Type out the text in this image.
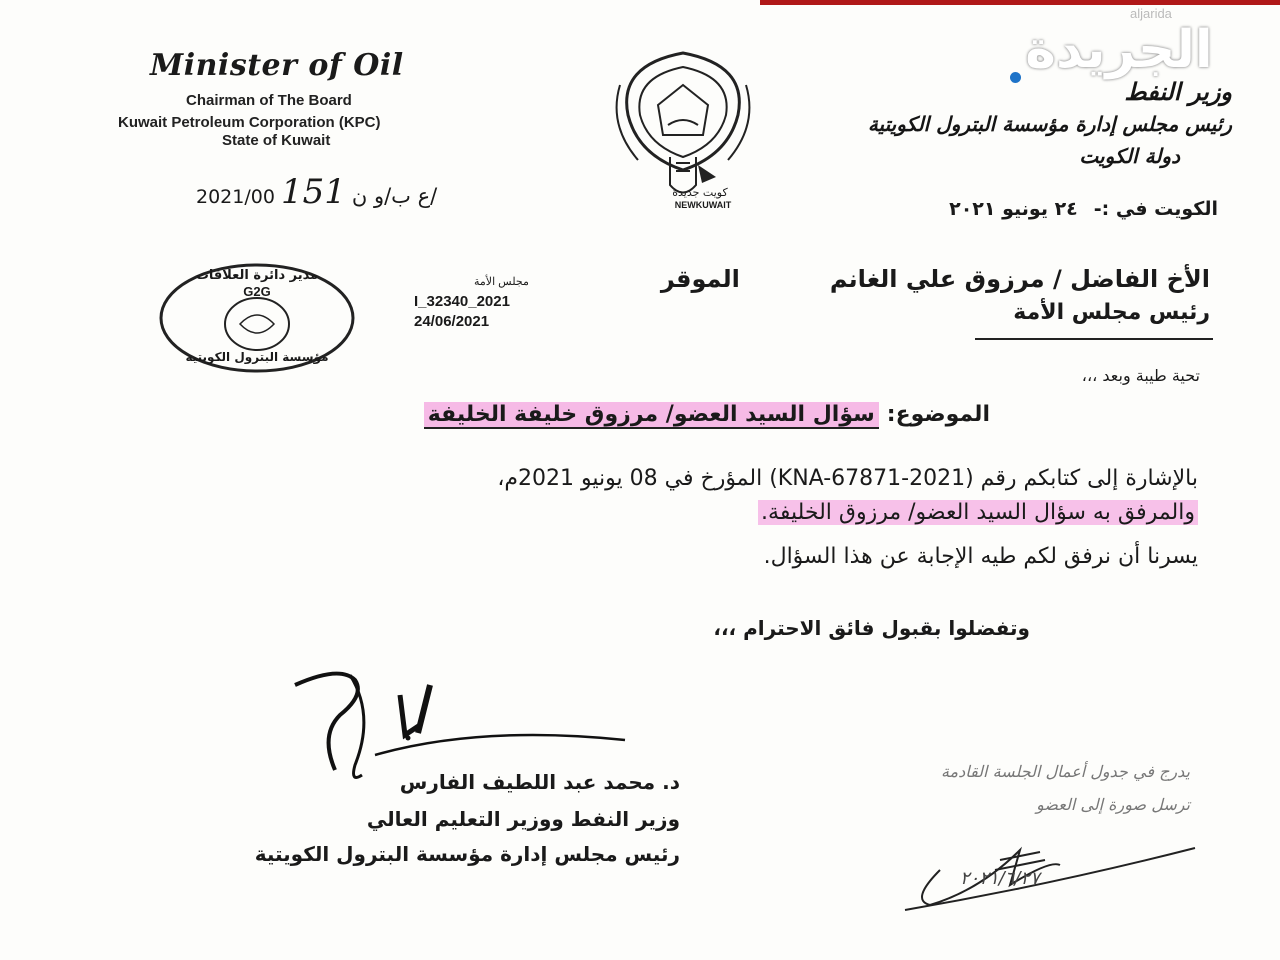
Minister of Oil
Chairman of The Board
Kuwait Petroleum Corporation (KPC)
State of Kuwait
2021/00 151 ع ب/و ن/	كويت جديدة
NEWKUWAIT
وزير النفط
رئيس مجلس إدارة مؤسسة البترول الكويتية
دولة الكويت
الجريدة
aljarida
الكويت في :-
٢٤ يونيو ٢٠٢١
مدير دائرة العلاقات
G2G
مؤسسة البترول الكويتية
مجلس الأمة
I_32340_2021
24/06/2021
الأخ الفاضل / مرزوق علي الغانم
الموقر
رئيس مجلس الأمة
تحية طيبة وبعد ،،،
الموضوع:
سؤال السيد العضو/ مرزوق خليفة الخليفة
بالإشارة إلى كتابكم رقم (KNA-67871-2021) المؤرخ في 08 يونيو 2021م،
والمرفق به سؤال السيد العضو/ مرزوق الخليفة.
يسرنا أن نرفق لكم طيه الإجابة عن هذا السؤال.
وتفضلوا بقبول فائق الاحترام ،،،
د. محمد عبد اللطيف الفارس
وزير النفط ووزير التعليم العالي
رئيس مجلس إدارة مؤسسة البترول الكويتية
يدرج في جدول أعمال الجلسة القادمة
ترسل صورة إلى العضو
٢٠٢١/٦/٢٧
